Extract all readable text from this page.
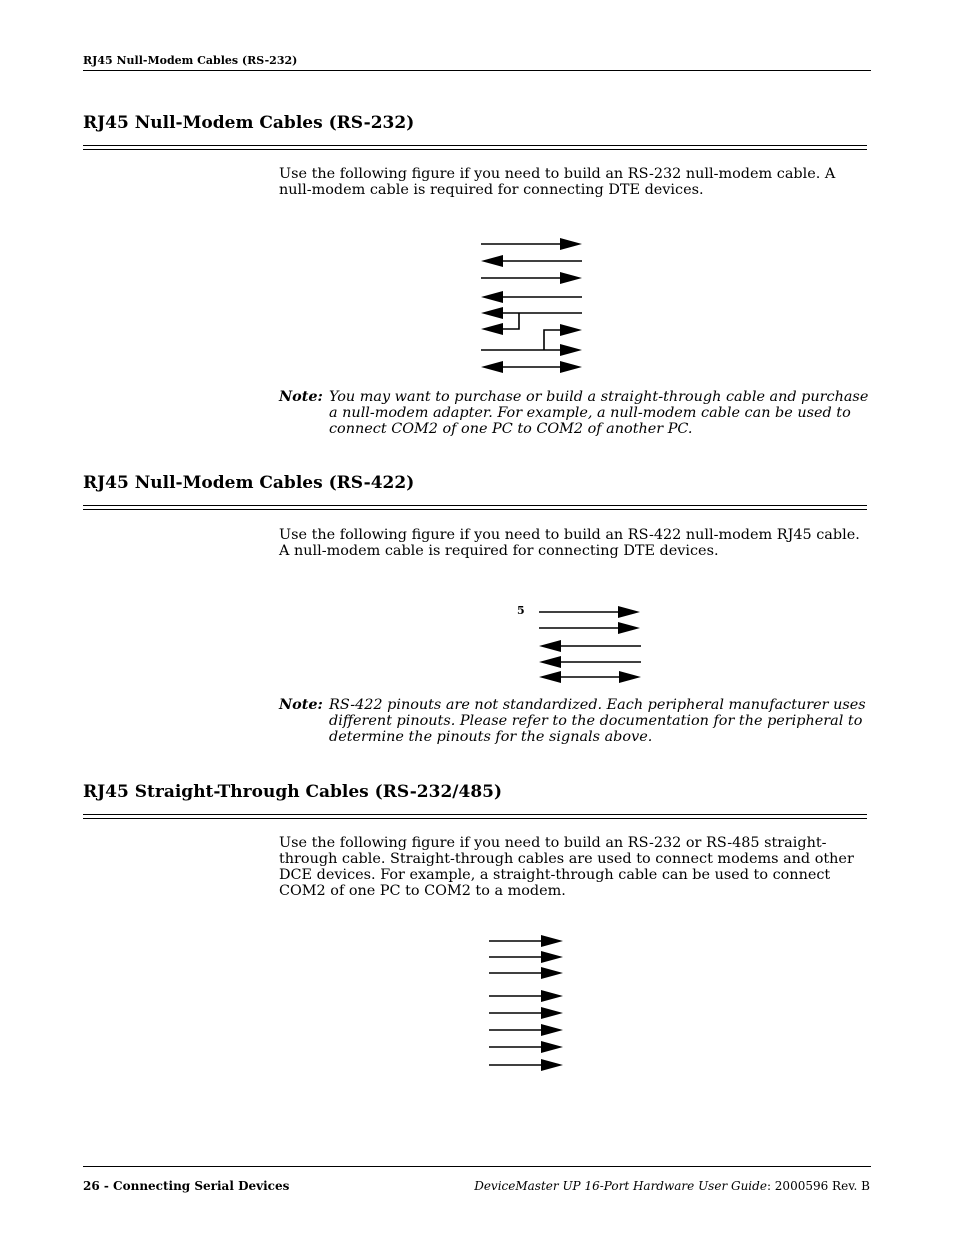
RJ45 Null-Modem Cables (RS-232)
RJ45 Null-Modem Cables (RS-232)
Use the following figure if you need to build an RS-232 null-modem cable. A null-modem cable is required for connecting DTE devices.
RJ45 Null-Modem Cables (RS-422)
Use the following figure if you need to build an RS-422 null-modem RJ45 cable. A null-modem cable is required for connecting DTE devices.
Note: You may want to purchase or build a straight-through cable and purchase a null-modem adapter. For example, a null-modem cable can be used to connect COM2 of one PC to COM2 of another PC.
Note: RS-422 pinouts are not standardized. Each peripheral manufacturer uses different pinouts. Please refer to the documentation for the peripheral to determine the pinouts for the signals above.
RJ45 Straight-Through Cables (RS-232/485)
Use the following figure if you need to build an RS-232 or RS-485 straight-through cable. Straight-through cables are used to connect modems and other DCE devices. For example, a straight-through cable can be used to connect COM2 of one PC to COM2 to a modem.
26 - Connecting Serial Devices	DeviceMaster UP 16-Port Hardware User Guide: 2000596 Rev. B
5
